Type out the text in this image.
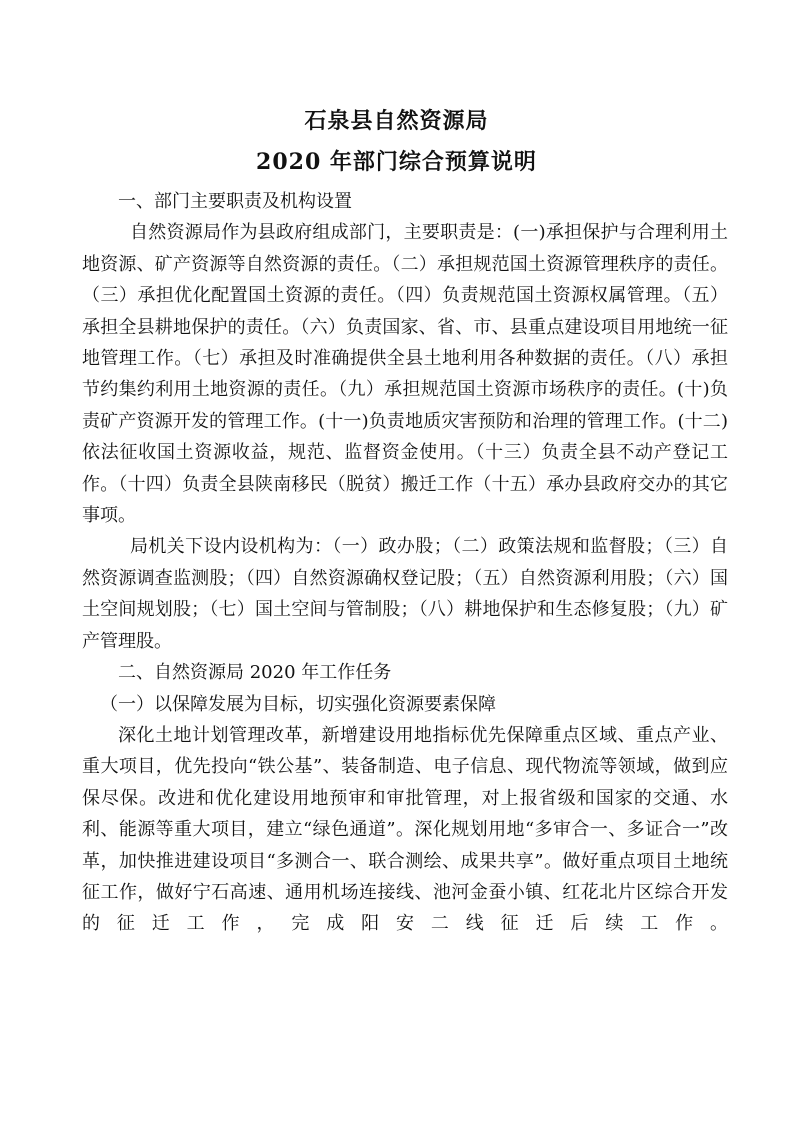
石泉县自然资源局
2020 年部门综合预算说明

一、部门主要职责及机构设置

自然资源局作为县政府组成部门，主要职责是：(一)承担保护与合理利用土地资源、矿产资源等自然资源的责任。（二）承担规范国土资源管理秩序的责任。（三）承担优化配置国土资源的责任。（四）负责规范国土资源权属管理。（五）承担全县耕地保护的责任。（六）负责国家、省、市、县重点建设项目用地统一征地管理工作。（七）承担及时准确提供全县土地利用各种数据的责任。（八）承担节约集约利用土地资源的责任。（九）承担规范国土资源市场秩序的责任。(十)负责矿产资源开发的管理工作。(十一)负责地质灾害预防和治理的管理工作。(十二)依法征收国土资源收益，规范、监督资金使用。（十三）负责全县不动产登记工作。（十四）负责全县陕南移民（脱贫）搬迁工作（十五）承办县政府交办的其它事项。

局机关下设内设机构为：（一）政办股；（二）政策法规和监督股；（三）自然资源调查监测股；（四）自然资源确权登记股；（五）自然资源利用股；（六）国土空间规划股；（七）国土空间与管制股；（八）耕地保护和生态修复股；（九）矿产管理股。

二、自然资源局 2020 年工作任务

（一）以保障发展为目标，切实强化资源要素保障

深化土地计划管理改革，新增建设用地指标优先保障重点区域、重点产业、重大项目，优先投向“铁公基”、装备制造、电子信息、现代物流等领域，做到应保尽保。改进和优化建设用地预审和审批管理，对上报省级和国家的交通、水利、能源等重大项目，建立“绿色通道”。深化规划用地“多审合一、多证合一”改革，加快推进建设项目“多测合一、联合测绘、成果共享”。做好重点项目土地统征工作，做好宁石高速、通用机场连接线、池河金蚕小镇、红花北片区综合开发的征迁工作，完成阳安二线征迁后续工作。
